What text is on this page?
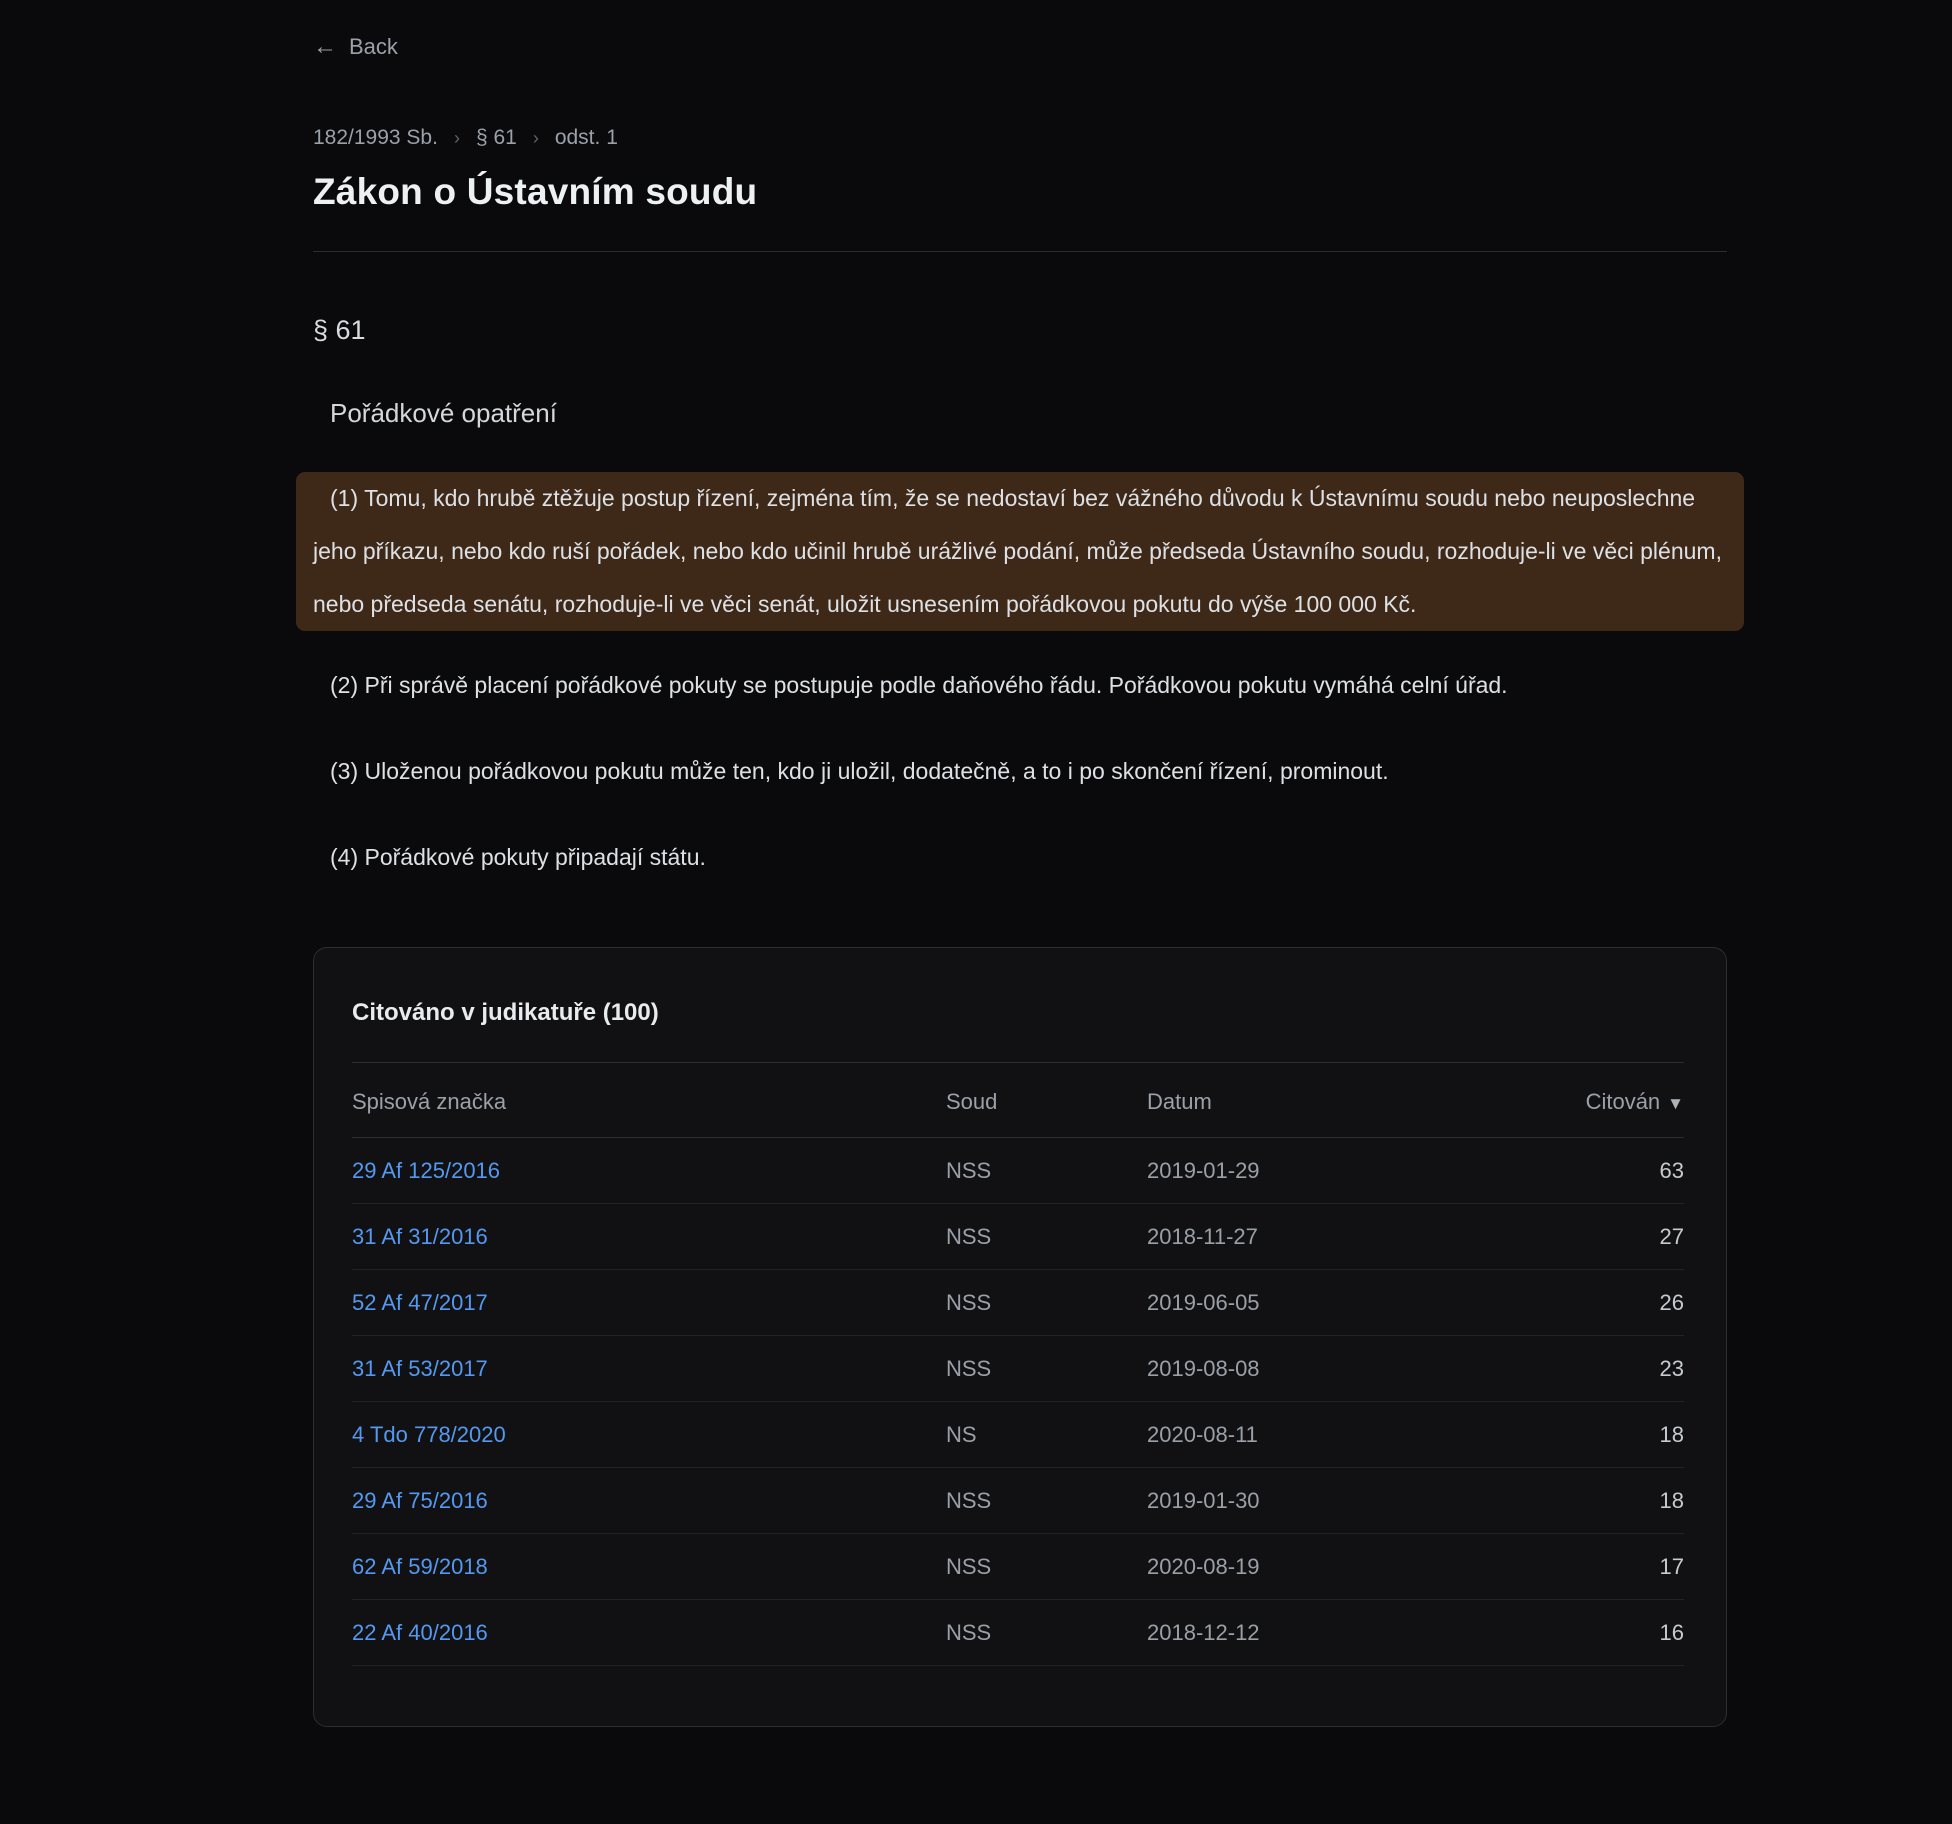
← Back
182/1993 Sb. › § 61 › odst. 1
Zákon o Ústavním soudu
§ 61
Pořádkové opatření

(1) Tomu, kdo hrubě ztěžuje postup řízení, zejména tím, že se nedostaví bez vážného důvodu k Ústavnímu soudu nebo neuposlechne jeho příkazu, nebo kdo ruší pořádek, nebo kdo učinil hrubě urážlivé podání, může předseda Ústavního soudu, rozhoduje-li ve věci plénum, nebo předseda senátu, rozhoduje-li ve věci senát, uložit usnesením pořádkovou pokutu do výše 100 000 Kč.

(2) Při správě placení pořádkové pokuty se postupuje podle daňového řádu. Pořádkovou pokutu vymáhá celní úřad.

(3) Uloženou pořádkovou pokutu může ten, kdo ji uložil, dodatečně, a to i po skončení řízení, prominout.

(4) Pořádkové pokuty připadají státu.

Citováno v judikatuře (100)
Spisová značka	Soud	Datum	Citován ▼
29 Af 125/2016	NSS	2019-01-29	63
31 Af 31/2016	NSS	2018-11-27	27
52 Af 47/2017	NSS	2019-06-05	26
31 Af 53/2017	NSS	2019-08-08	23
4 Tdo 778/2020	NS	2020-08-11	18
29 Af 75/2016	NSS	2019-01-30	18
62 Af 59/2018	NSS	2020-08-19	17
22 Af 40/2016	NSS	2018-12-12	16
